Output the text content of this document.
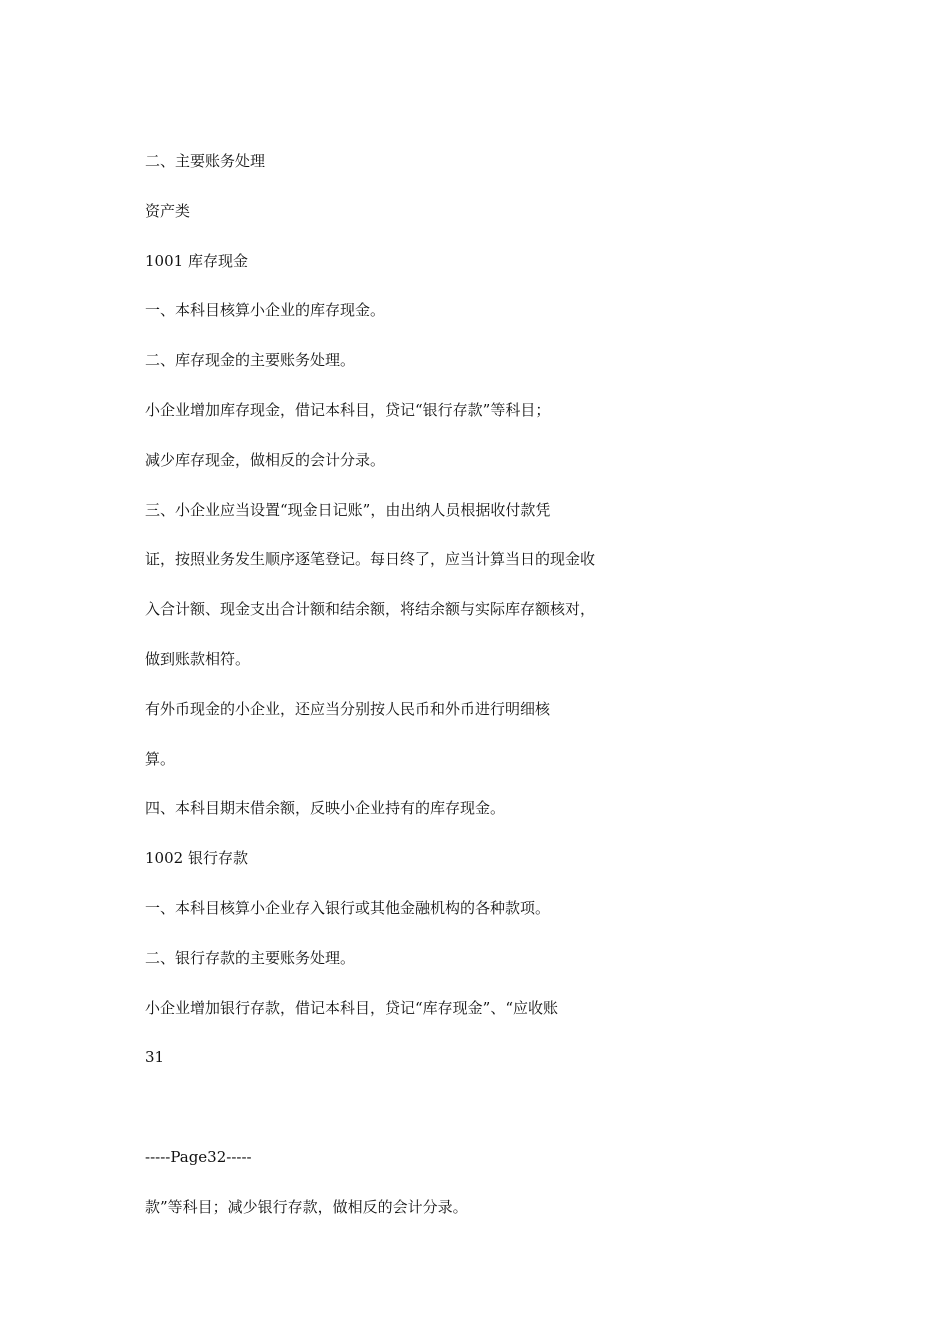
二、主要账务处理
资产类
1001 库存现金
一、本科目核算小企业的库存现金。
二、库存现金的主要账务处理。
小企业增加库存现金，借记本科目，贷记“银行存款”等科目；
减少库存现金，做相反的会计分录。
三、小企业应当设置“现金日记账”，由出纳人员根据收付款凭
证，按照业务发生顺序逐笔登记。每日终了，应当计算当日的现金收
入合计额、现金支出合计额和结余额，将结余额与实际库存额核对，
做到账款相符。
有外币现金的小企业，还应当分别按人民币和外币进行明细核
算。
四、本科目期末借余额，反映小企业持有的库存现金。
1002 银行存款
一、本科目核算小企业存入银行或其他金融机构的各种款项。
二、银行存款的主要账务处理。
小企业增加银行存款，借记本科目，贷记“库存现金”、“应收账
31
-----Page32-----
款”等科目；减少银行存款，做相反的会计分录。
